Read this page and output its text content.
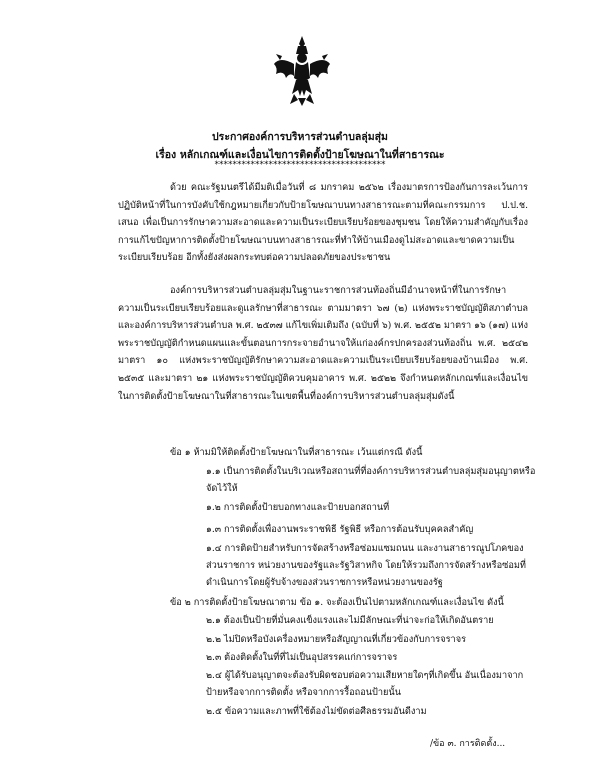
ประกาศองค์การบริหารส่วนตำบลลุ่มสุ่ม
เรื่อง หลักเกณฑ์และเงื่อนไขการติดตั้งป้ายโฆษณาในที่สาธารณะ
**************************************
ด้วย คณะรัฐมนตรีได้มีมติเมื่อวันที่ ๘ มกราคม ๒๕๖๒ เรื่องมาตรการป้องกันการละเว้นการปฏิบัติหน้าที่ในการบังคับใช้กฎหมายเกี่ยวกับป้ายโฆษณาบนทางสาธารณะตามที่คณะกรรมการ ป.ป.ช. เสนอ เพื่อเป็นการรักษาความสะอาดและความเป็นระเบียบเรียบร้อยของชุมชน โดยให้ความสำคัญกับเรื่องการแก้ไขปัญหาการติดตั้งป้ายโฆษณาบนทางสาธารณะที่ทำให้บ้านเมืองดูไม่สะอาดและขาดความเป็นระเบียบเรียบร้อย อีกทั้งยังส่งผลกระทบต่อความปลอดภัยของประชาชน
องค์การบริหารส่วนตำบลลุ่มสุ่มในฐานะราชการส่วนท้องถิ่นมีอำนาจหน้าที่ในการรักษาความเป็นระเบียบเรียบร้อยและดูแลรักษาที่สาธารณะ ตามมาตรา ๖๗ (๒) แห่งพระราชบัญญัติสภาตำบลและองค์การบริหารส่วนตำบล พ.ศ. ๒๕๓๗ แก้ไขเพิ่มเติมถึง (ฉบับที่ ๖) พ.ศ. ๒๕๕๒ มาตรา ๑๖ (๑๗) แห่งพระราชบัญญัติกำหนดแผนและขั้นตอนการกระจายอำนาจให้แก่องค์กรปกครองส่วนท้องถิ่น พ.ศ. ๒๕๔๒ มาตรา ๑๐ แห่งพระราชบัญญัติรักษาความสะอาดและความเป็นระเบียบเรียบร้อยของบ้านเมือง พ.ศ. ๒๕๓๕ และมาตรา ๒๑ แห่งพระราชบัญญัติควบคุมอาคาร พ.ศ. ๒๕๒๒ จึงกำหนดหลักเกณฑ์และเงื่อนไขในการติดตั้งป้ายโฆษณาในที่สาธารณะในเขตพื้นที่องค์การบริหารส่วนตำบลลุ่มสุ่มดังนี้
ข้อ ๑ ห้ามมิให้ติดตั้งป้ายโฆษณาในที่สาธารณะ เว้นแต่กรณี ดังนี้
๑.๑ เป็นการติดตั้งในบริเวณหรือสถานที่ที่องค์การบริหารส่วนตำบลลุ่มสุ่มอนุญาตหรือจัดไว้ให้
๑.๒ การติดตั้งป้ายบอกทางและป้ายบอกสถานที่
๑.๓ การติดตั้งเพื่องานพระราชพิธี รัฐพิธี หรือการต้อนรับบุคคลสำคัญ
๑.๔ การติดป้ายสำหรับการจัดสร้างหรือซ่อมแซมถนน และงานสาธารณูปโภคของส่วนราชการ หน่วยงานของรัฐและรัฐวิสาหกิจ โดยให้รวมถึงการจัดสร้างหรือซ่อมที่ดำเนินการโดยผู้รับจ้างของส่วนราชการหรือหน่วยงานของรัฐ
ข้อ ๒ การติดตั้งป้ายโฆษณาตาม ข้อ ๑. จะต้องเป็นไปตามหลักเกณฑ์และเงื่อนไข ดังนี้
๒.๑ ต้องเป็นป้ายที่มั่นคงแข็งแรงและไม่มีลักษณะที่น่าจะก่อให้เกิดอันตราย
๒.๒ ไม่ปิดหรือบังเครื่องหมายหรือสัญญาณที่เกี่ยวข้องกับการจราจร
๒.๓ ต้องติดตั้งในที่ที่ไม่เป็นอุปสรรคแก่การจราจร
๒.๔ ผู้ได้รับอนุญาตจะต้องรับผิดชอบต่อความเสียหายใดๆที่เกิดขึ้น อันเนื่องมาจากป้ายหรือจากการติดตั้ง หรือจากการรื้อถอนป้ายนั้น
๒.๕ ข้อความและภาพที่ใช้ต้องไม่ขัดต่อศีลธรรมอันดีงาม
/ข้อ ๓. การติดตั้ง...
